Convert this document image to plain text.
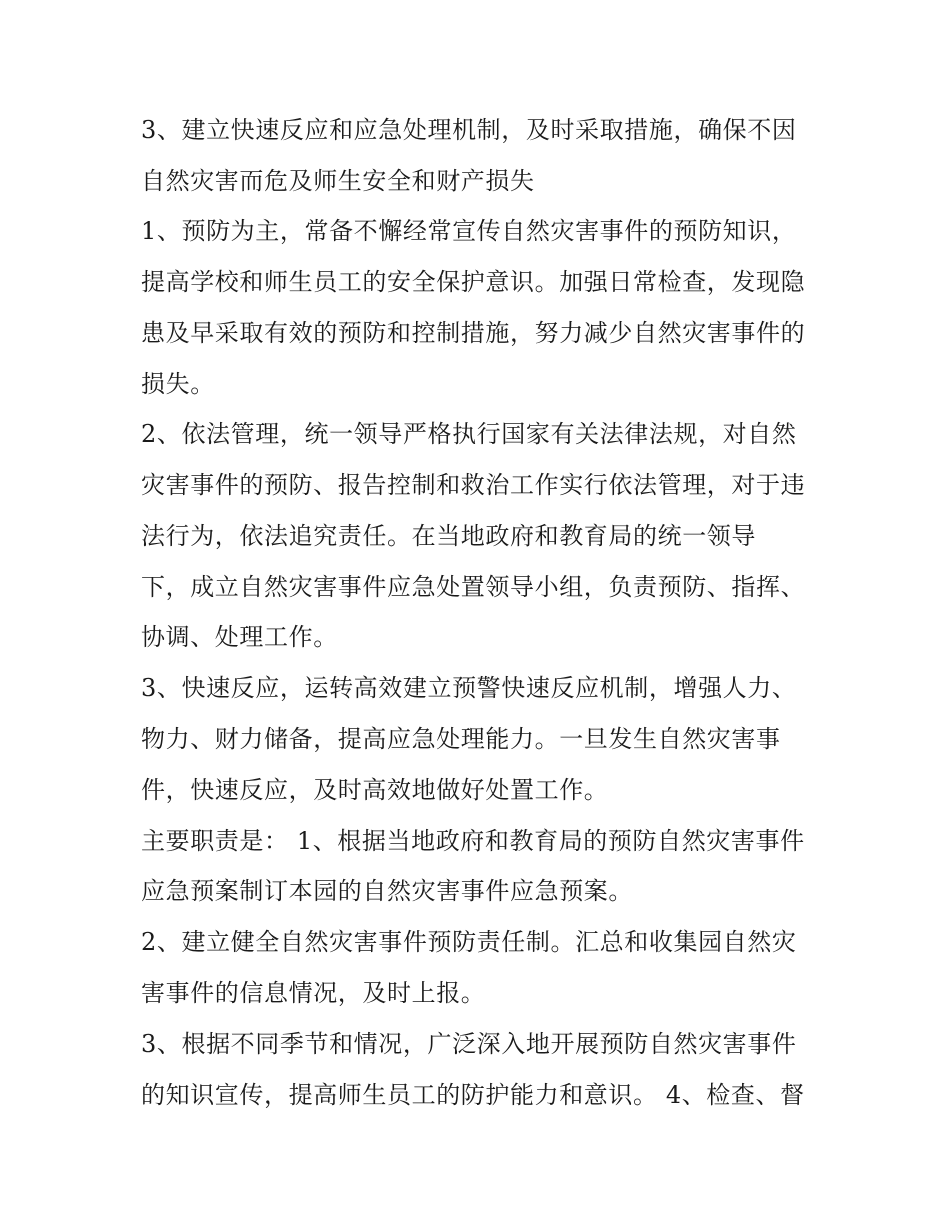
3、建立快速反应和应急处理机制，及时采取措施，确保不因
自然灾害而危及师生安全和财产损失
1、预防为主，常备不懈经常宣传自然灾害事件的预防知识，
提高学校和师生员工的安全保护意识。加强日常检查，发现隐
患及早采取有效的预防和控制措施，努力减少自然灾害事件的
损失。
2、依法管理，统一领导严格执行国家有关法律法规，对自然
灾害事件的预防、报告控制和救治工作实行依法管理，对于违
法行为，依法追究责任。在当地政府和教育局的统一领导
下，成立自然灾害事件应急处置领导小组，负责预防、指挥、
协调、处理工作。
3、快速反应，运转高效建立预警快速反应机制，增强人力、
物力、财力储备，提高应急处理能力。一旦发生自然灾害事
件，快速反应，及时高效地做好处置工作。
主要职责是： 1、根据当地政府和教育局的预防自然灾害事件
应急预案制订本园的自然灾害事件应急预案。
2、建立健全自然灾害事件预防责任制。汇总和收集园自然灾
害事件的信息情况，及时上报。
3、根据不同季节和情况，广泛深入地开展预防自然灾害事件
的知识宣传，提高师生员工的防护能力和意识。 4、检查、督
